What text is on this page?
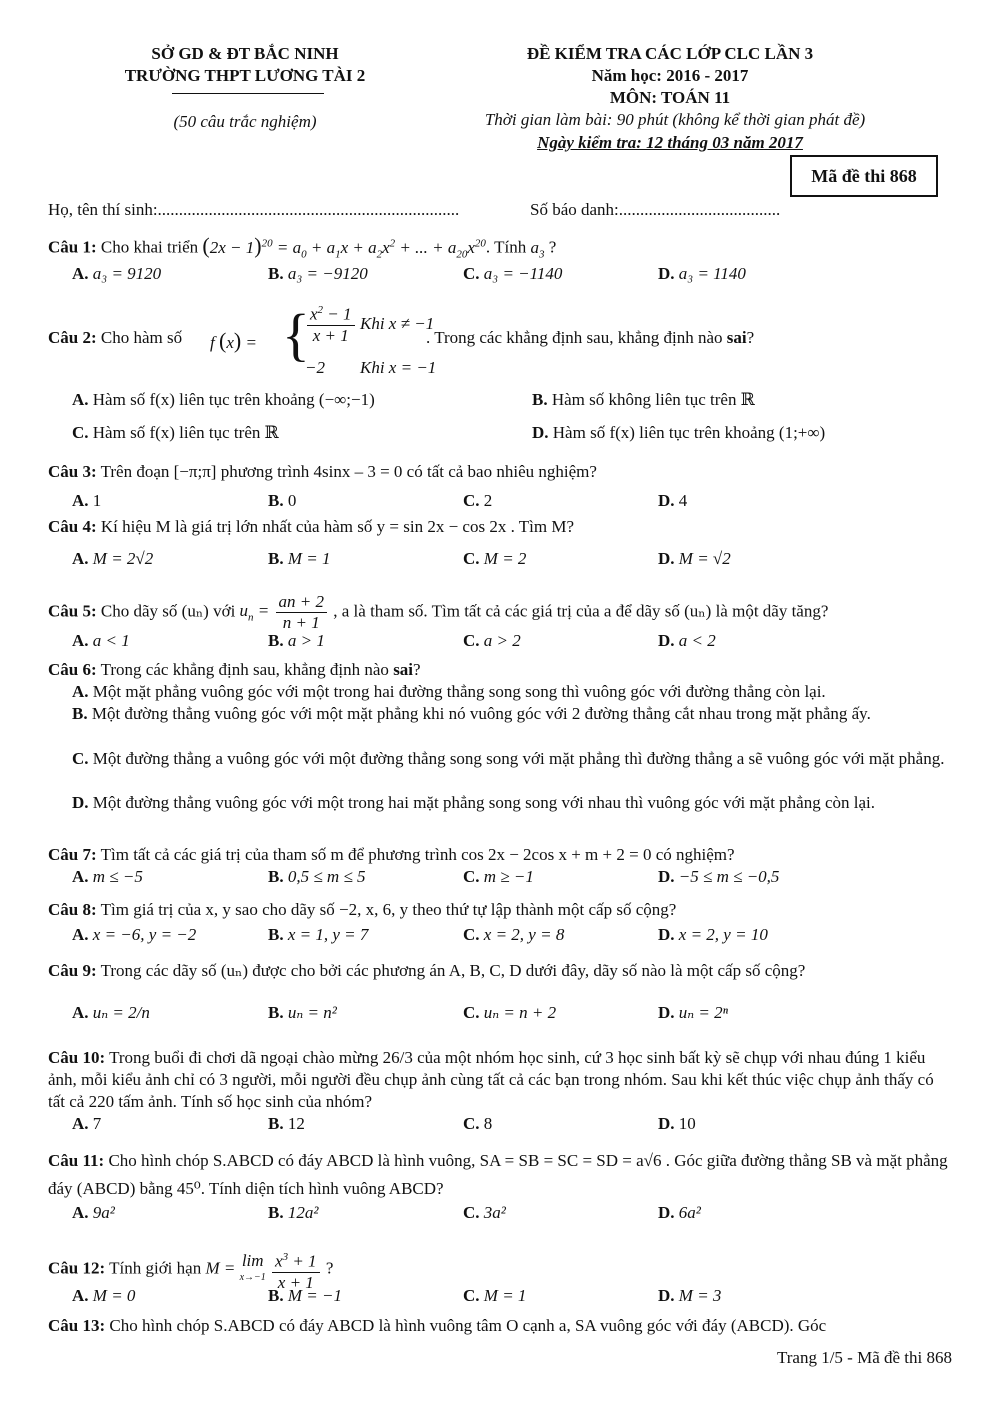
SỞ GD & ĐT BẮC NINH
TRƯỜNG THPT LƯƠNG TÀI 2
(50 câu trắc nghiệm)
ĐỀ KIỂM TRA CÁC LỚP CLC LẦN 3
Năm học: 2016 - 2017
MÔN: TOÁN 11
Thời gian làm bài: 90 phút (không kể thời gian phát đề)
Ngày kiểm tra: 12 tháng 03 năm 2017
Mã đề thi 868
Họ, tên thí sinh:.......................................................................	Số báo danh:......................................
Câu 1: Cho khai triển $(2x - 1)^{20} = a_0 + a_1x + a_2x^2$ + ... + $a_{20}x^{20}$. Tính $a_3$ ?
A. a₃ = 9120	B. a₃ = −9120	C. a₃ = −1140	D. a₃ = 1140
Câu 2: Cho hàm số f (x) = {
$\frac{x^2 - 1}{x + 1}$ Khi x ≠ −1
−2 Khi x = −1
. Trong các khẳng định sau, khẳng định nào sai?
A. Hàm số f(x) liên tục trên khoảng (−∞;−1)	B. Hàm số không liên tục trên ℝ
C. Hàm số f(x) liên tục trên ℝ	D. Hàm số f(x) liên tục trên khoảng (1;+∞)
Câu 3: Trên đoạn [−π;π] phương trình 4sinx – 3 = 0 có tất cả bao nhiêu nghiệm?
A. 1	B. 0	C. 2	D. 4
Câu 4: Kí hiệu M là giá trị lớn nhất của hàm số y = sin 2x − cos 2x . Tìm M?
A. M = 2√2	B. M = 1	C. M = 2	D. M = √2
Câu 5: Cho dãy số (uₙ) với $u_n = \frac{an + 2}{n + 1}$ , a là tham số. Tìm tất cả các giá trị của a để dãy số (uₙ) là một dãy tăng?
A. a < 1	B. a > 1	C. a > 2	D. a < 2
Câu 6: Trong các khẳng định sau, khẳng định nào sai?
A. Một mặt phẳng vuông góc với một trong hai đường thẳng song song thì vuông góc với đường thẳng còn lại.
B. Một đường thẳng vuông góc với một mặt phẳng khi nó vuông góc với 2 đường thẳng cắt nhau trong mặt phẳng ấy.
C. Một đường thẳng a vuông góc với một đường thẳng song song với mặt phẳng thì đường thẳng a sẽ vuông góc với mặt phẳng.
D. Một đường thẳng vuông góc với một trong hai mặt phẳng song song với nhau thì vuông góc với mặt phẳng còn lại.
Câu 7: Tìm tất cả các giá trị của tham số m để phương trình cos 2x − 2cos x + m + 2 = 0 có nghiệm?
A. m ≤ −5	B. 0,5 ≤ m ≤ 5	C. m ≥ −1	D. −5 ≤ m ≤ −0,5
Câu 8: Tìm giá trị của x, y sao cho dãy số −2, x, 6, y theo thứ tự lập thành một cấp số cộng?
A. x = −6, y = −2	B. x = 1, y = 7	C. x = 2, y = 8	D. x = 2, y = 10
Câu 9: Trong các dãy số (uₙ) được cho bởi các phương án A, B, C, D dưới đây, dãy số nào là một cấp số cộng?
A. uₙ = 2/n	B. uₙ = n²	C. uₙ = n + 2	D. uₙ = 2ⁿ
Câu 10: Trong buổi đi chơi dã ngoại chào mừng 26/3 của một nhóm học sinh, cứ 3 học sinh bất kỳ sẽ chụp với nhau đúng 1 kiểu ảnh, mỗi kiểu ảnh chỉ có 3 người, mỗi người đều chụp ảnh cùng tất cả các bạn trong nhóm. Sau khi kết thúc việc chụp ảnh thấy có tất cả 220 tấm ảnh. Tính số học sinh của nhóm?
A. 7	B. 12	C. 8	D. 10
Câu 11: Cho hình chóp S.ABCD có đáy ABCD là hình vuông, SA = SB = SC = SD = a√6 . Góc giữa đường thẳng SB và mặt phẳng đáy (ABCD) bằng 45⁰. Tính diện tích hình vuông ABCD?
A. 9a²	B. 12a²	C. 3a²	D. 6a²
Câu 12: Tính giới hạn M = lim
$x\to-1 \frac{x^3 + 1}{x + 1}$ ?
A. M = 0	B. M = −1	C. M = 1	D. M = 3
Câu 13: Cho hình chóp S.ABCD có đáy ABCD là hình vuông tâm O cạnh a, SA vuông góc với đáy (ABCD). Góc
Trang 1/5 - Mã đề thi 868
